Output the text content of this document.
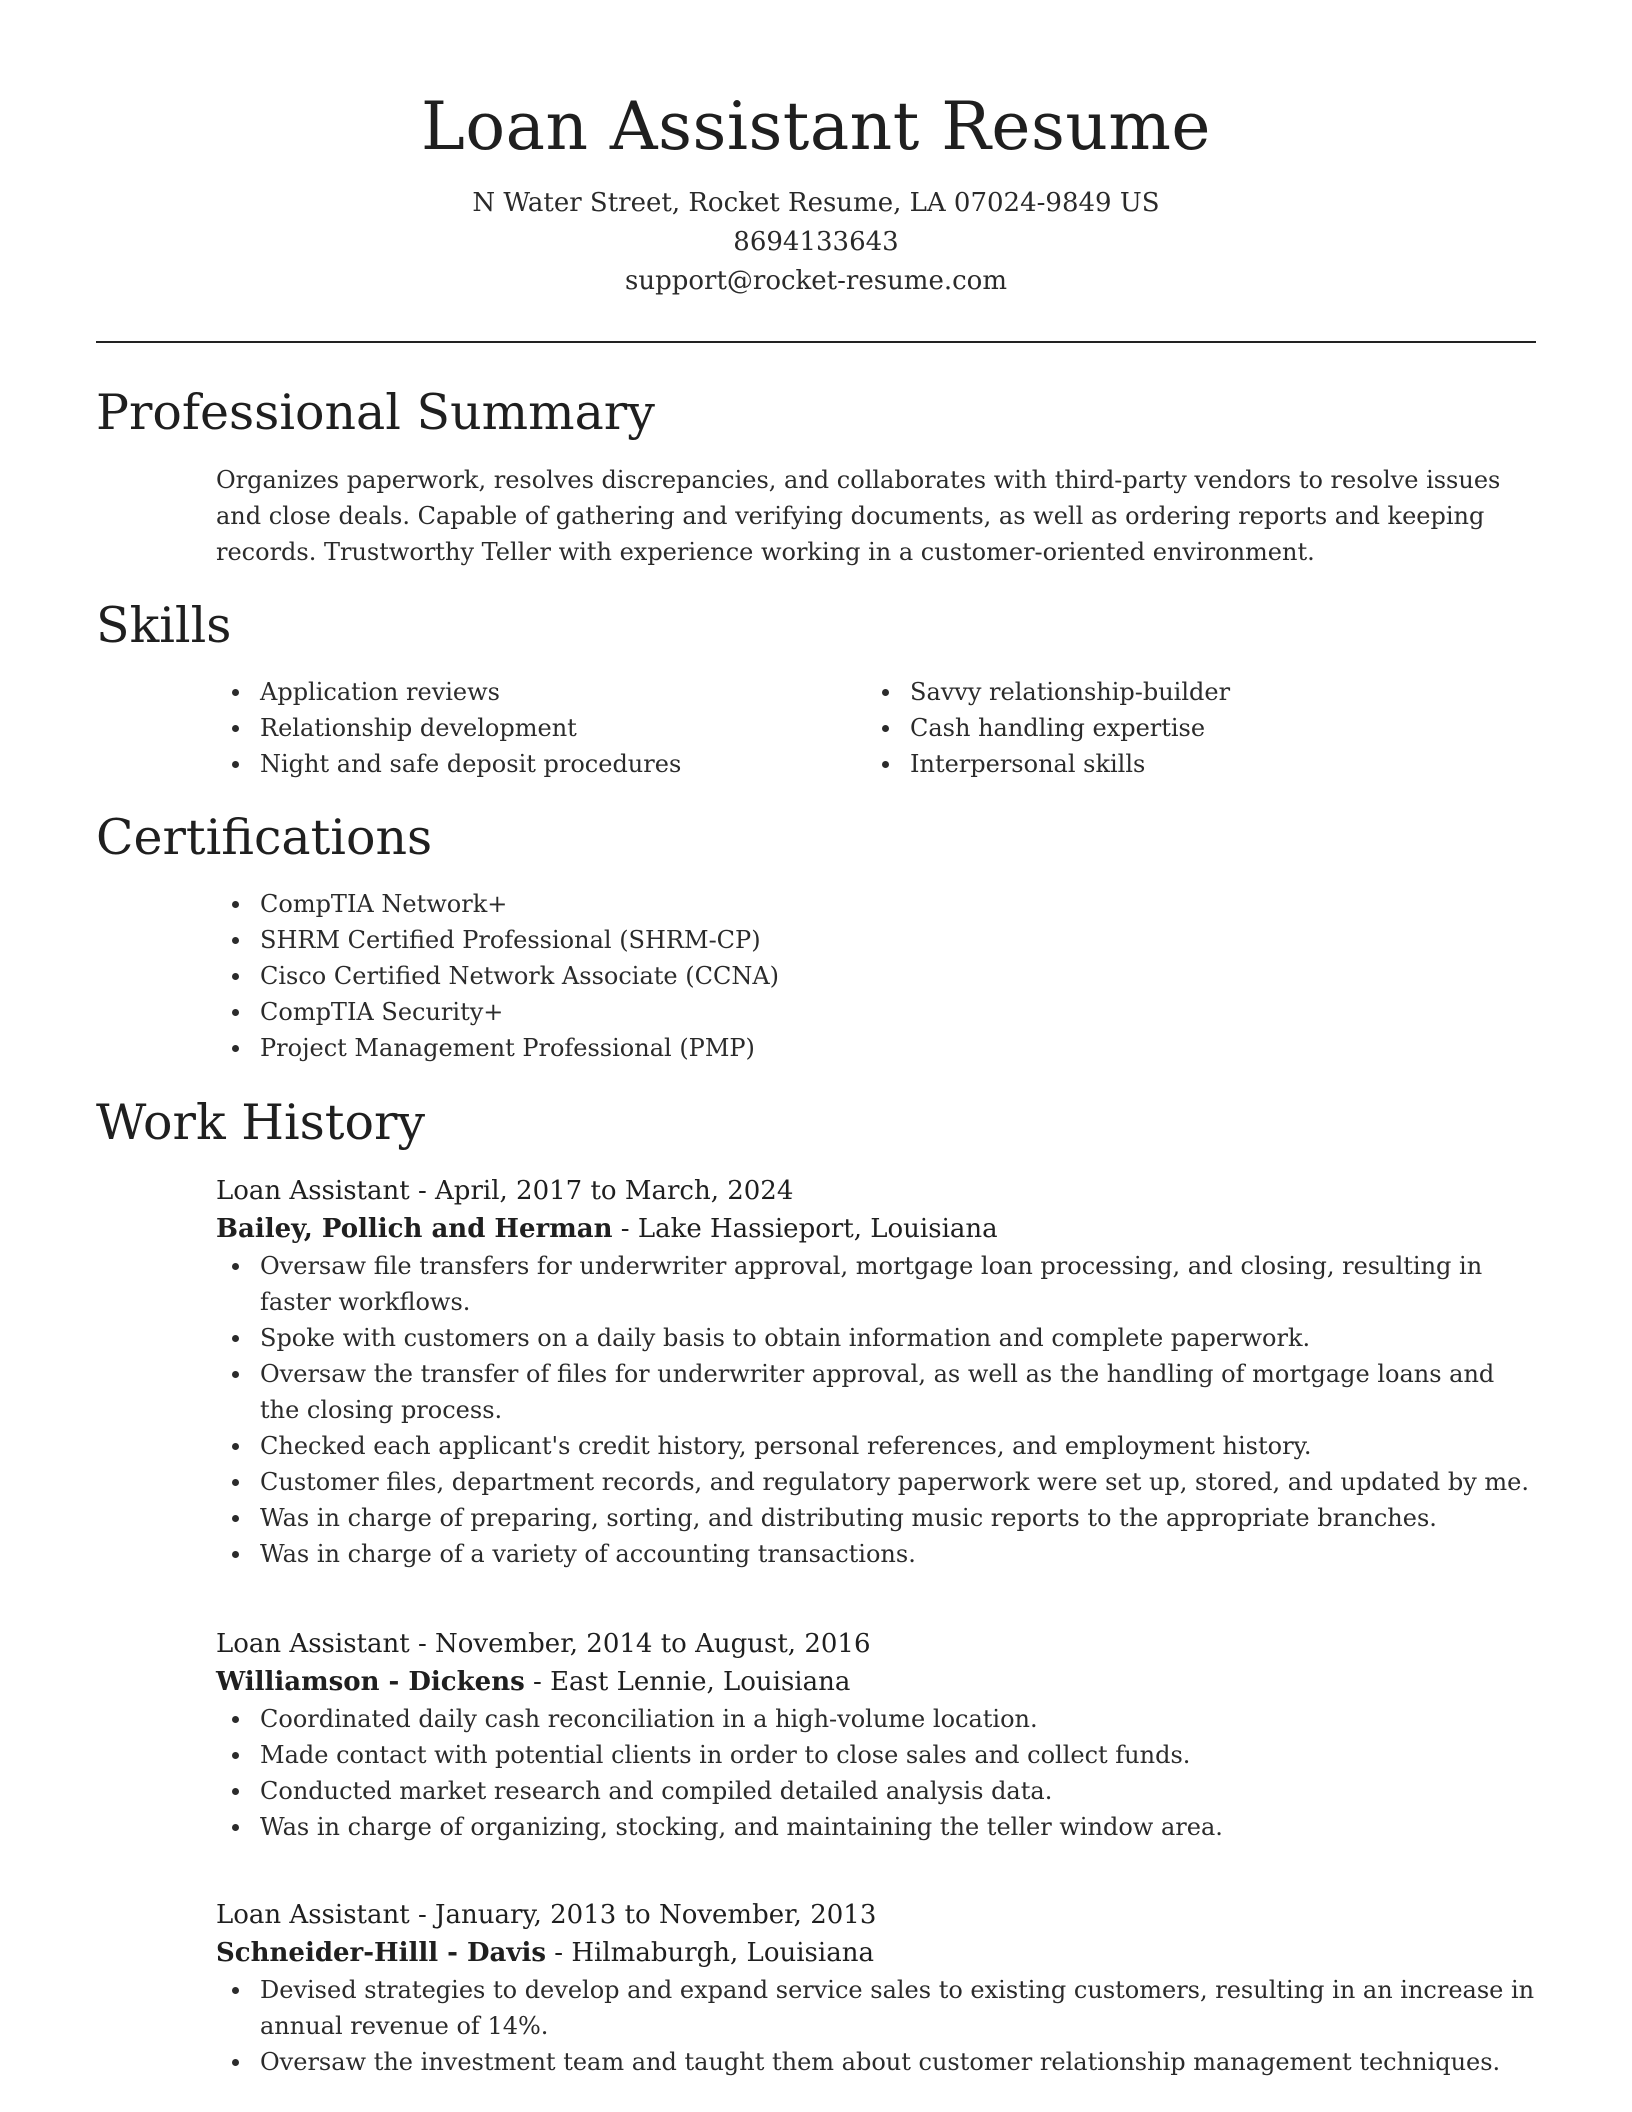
Loan Assistant Resume
N Water Street, Rocket Resume, LA 07024-9849 US
8694133643
support@rocket-resume.com
Professional Summary

Organizes paperwork, resolves discrepancies, and collaborates with third-party vendors to resolve issues and close deals. Capable of gathering and verifying documents, as well as ordering reports and keeping records. Trustworthy Teller with experience working in a customer-oriented environment.

Skills
Application reviews
Relationship development
Night and safe deposit procedures
Savvy relationship-builder
Cash handling expertise
Interpersonal skills
Certifications
CompTIA Network+
SHRM Certified Professional (SHRM-CP)
Cisco Certified Network Associate (CCNA)
CompTIA Security+
Project Management Professional (PMP)
Work History
Loan Assistant - April, 2017 to March, 2024
Bailey, Pollich and Herman - Lake Hassieport, Louisiana
Oversaw file transfers for underwriter approval, mortgage loan processing, and closing, resulting in faster workflows.
Spoke with customers on a daily basis to obtain information and complete paperwork.
Oversaw the transfer of files for underwriter approval, as well as the handling of mortgage loans and the closing process.
Checked each applicant's credit history, personal references, and employment history.
Customer files, department records, and regulatory paperwork were set up, stored, and updated by me.
Was in charge of preparing, sorting, and distributing music reports to the appropriate branches.
Was in charge of a variety of accounting transactions.
Loan Assistant - November, 2014 to August, 2016
Williamson - Dickens - East Lennie, Louisiana
Coordinated daily cash reconciliation in a high-volume location.
Made contact with potential clients in order to close sales and collect funds.
Conducted market research and compiled detailed analysis data.
Was in charge of organizing, stocking, and maintaining the teller window area.
Loan Assistant - January, 2013 to November, 2013
Schneider-Hilll - Davis - Hilmaburgh, Louisiana
Devised strategies to develop and expand service sales to existing customers, resulting in an increase in annual revenue of 14%.
Oversaw the investment team and taught them about customer relationship management techniques.
